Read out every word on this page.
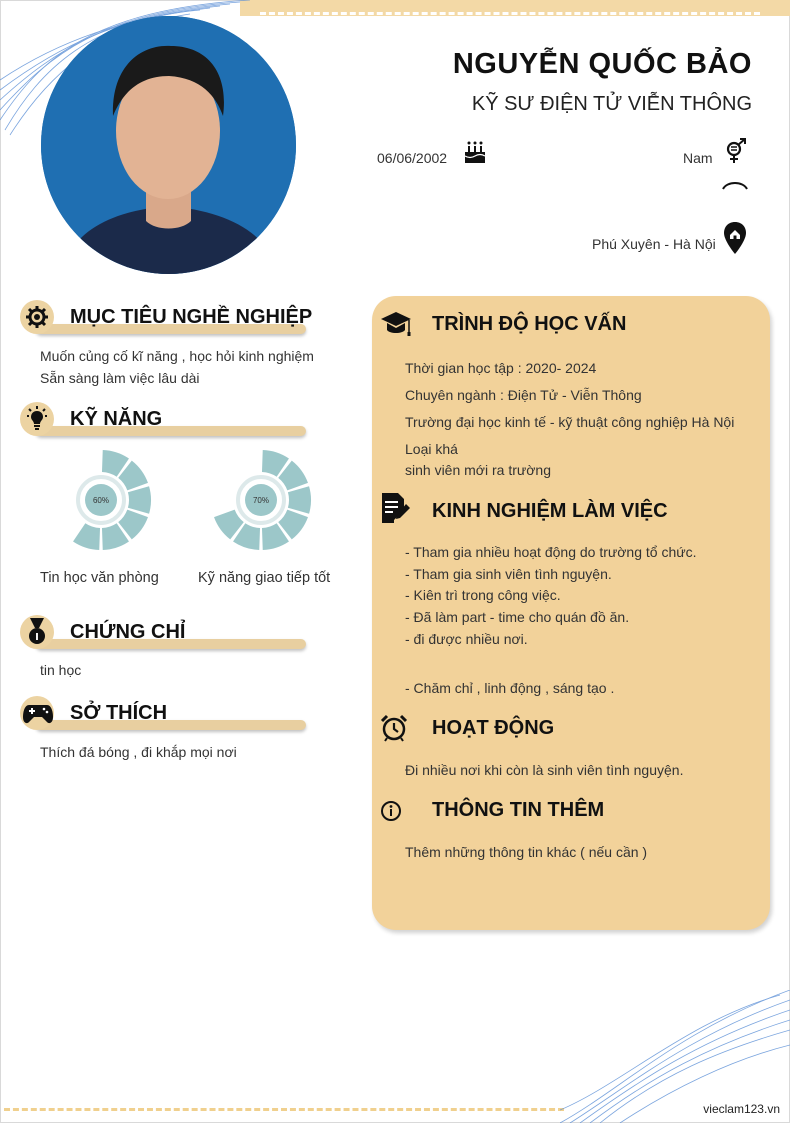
NGUYỄN QUỐC BẢO
KỸ SƯ ĐIỆN TỬ VIỄN THÔNG
06/06/2002	Nam
Phú Xuyên - Hà Nội
MỤC TIÊU NGHỀ NGHIỆP
Muốn củng cố kĩ năng , học hỏi kinh nghiệm
Sẵn sàng làm việc lâu dài
KỸ NĂNG
60%	70%
Tin học văn phòng	Kỹ năng giao tiếp tốt
I CHỨNG CHỈ
tin học
SỞ THÍCH
Thích đá bóng , đi khắp mọi nơi
TRÌNH ĐỘ HỌC VẤN
Thời gian học tập : 2020- 2024
Chuyên ngành : Điện Tử - Viễn Thông
Trường đại học kinh tế - kỹ thuật công nghiệp Hà Nội
Loại khá
sinh viên mới ra trường
KINH NGHIỆM LÀM VIỆC
- Tham gia nhiều hoạt động do trường tổ chức.
- Tham gia sinh viên tình nguyện.
- Kiên trì trong công việc.
- Đã làm part - time cho quán đồ ăn.
- đi được nhiều nơi.
- Chăm chỉ , linh động , sáng tạo .
HOẠT ĐỘNG
Đi nhiều nơi khi còn là sinh viên tình nguyện.
THÔNG TIN THÊM
Thêm những thông tin khác ( nếu cần )
vieclam123.vn
